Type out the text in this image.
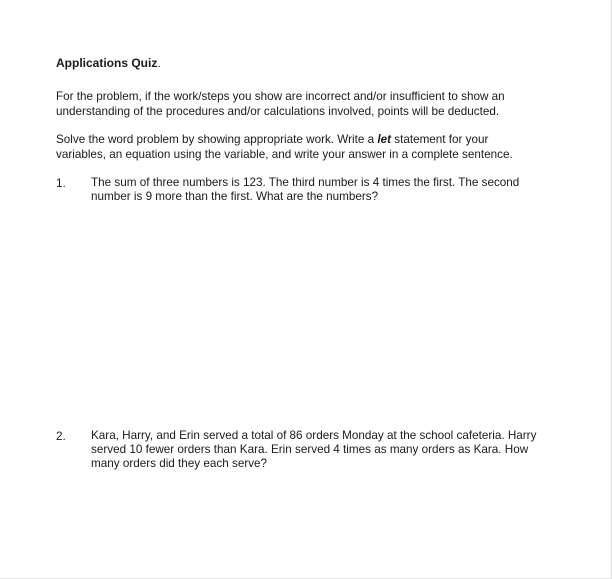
Applications Quiz.
For the problem, if the work/steps you show are incorrect and/or insufficient to show an
understanding of the procedures and/or calculations involved, points will be deducted.
Solve the word problem by showing appropriate work. Write a let statement for your
variables, an equation using the variable, and write your answer in a complete sentence.
1. The sum of three numbers is 123. The third number is 4 times the first. The second
number is 9 more than the first. What are the numbers?
2. Kara, Harry, and Erin served a total of 86 orders Monday at the school cafeteria. Harry
served 10 fewer orders than Kara. Erin served 4 times as many orders as Kara. How
many orders did they each serve?
